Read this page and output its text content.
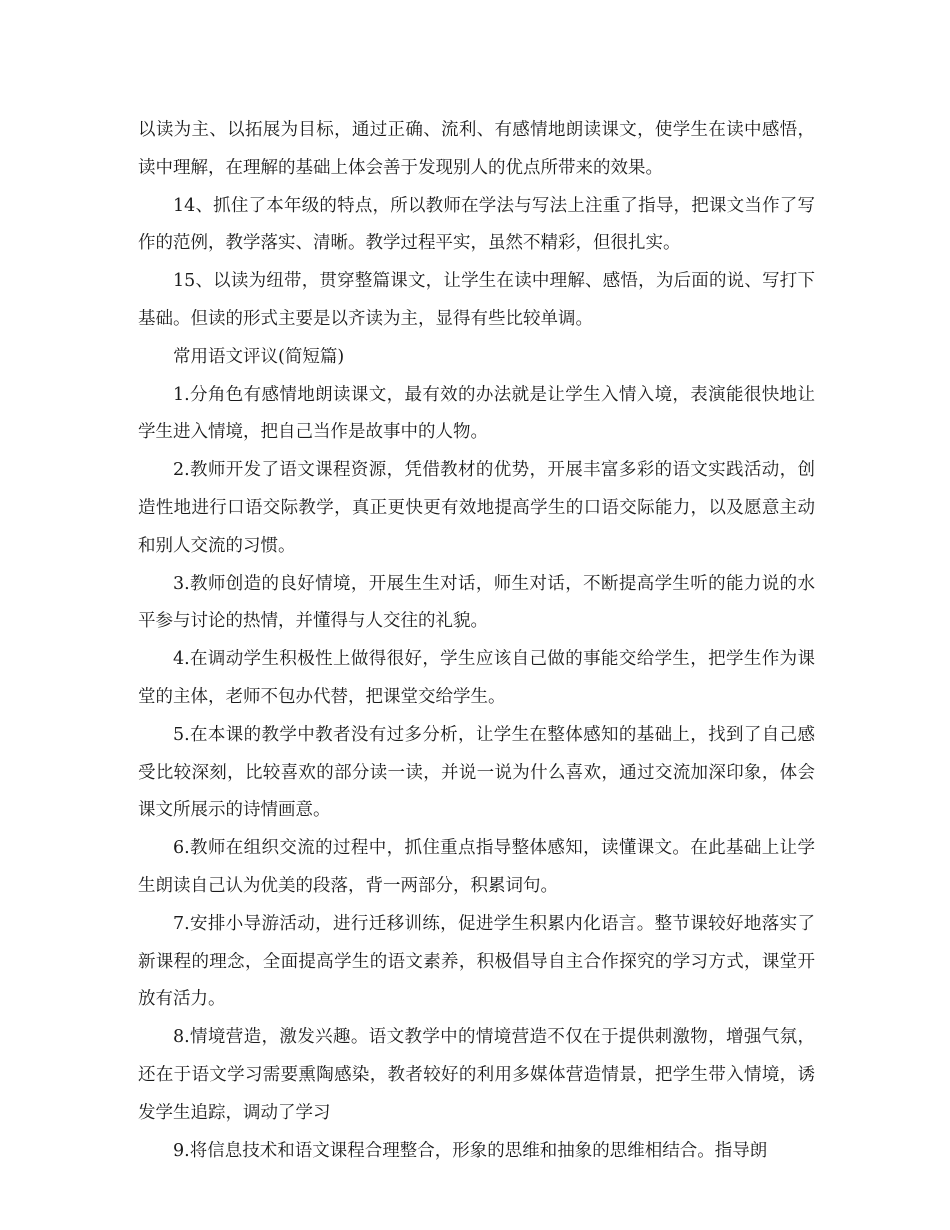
以读为主、以拓展为目标，通过正确、流利、有感情地朗读课文，使学生在读中感悟，读中理解，在理解的基础上体会善于发现别人的优点所带来的效果。

14、抓住了本年级的特点，所以教师在学法与写法上注重了指导，把课文当作了写作的范例，教学落实、清晰。教学过程平实，虽然不精彩，但很扎实。

15、以读为纽带，贯穿整篇课文，让学生在读中理解、感悟，为后面的说、写打下基础。但读的形式主要是以齐读为主，显得有些比较单调。

常用语文评议(简短篇)

1.分角色有感情地朗读课文，最有效的办法就是让学生入情入境，表演能很快地让学生进入情境，把自己当作是故事中的人物。

2.教师开发了语文课程资源，凭借教材的优势，开展丰富多彩的语文实践活动，创造性地进行口语交际教学，真正更快更有效地提高学生的口语交际能力，以及愿意主动和别人交流的习惯。

3.教师创造的良好情境，开展生生对话，师生对话，不断提高学生听的能力说的水平参与讨论的热情，并懂得与人交往的礼貌。

4.在调动学生积极性上做得很好，学生应该自己做的事能交给学生，把学生作为课堂的主体，老师不包办代替，把课堂交给学生。

5.在本课的教学中教者没有过多分析，让学生在整体感知的基础上，找到了自己感受比较深刻，比较喜欢的部分读一读，并说一说为什么喜欢，通过交流加深印象，体会课文所展示的诗情画意。

6.教师在组织交流的过程中，抓住重点指导整体感知，读懂课文。在此基础上让学生朗读自己认为优美的段落，背一两部分，积累词句。

7.安排小导游活动，进行迁移训练，促进学生积累内化语言。整节课较好地落实了新课程的理念，全面提高学生的语文素养，积极倡导自主合作探究的学习方式，课堂开放有活力。

8.情境营造，激发兴趣。语文教学中的情境营造不仅在于提供刺激物，增强气氛，还在于语文学习需要熏陶感染，教者较好的利用多媒体营造情景，把学生带入情境，诱发学生追踪，调动了学习

9.将信息技术和语文课程合理整合，形象的思维和抽象的思维相结合。指导朗
